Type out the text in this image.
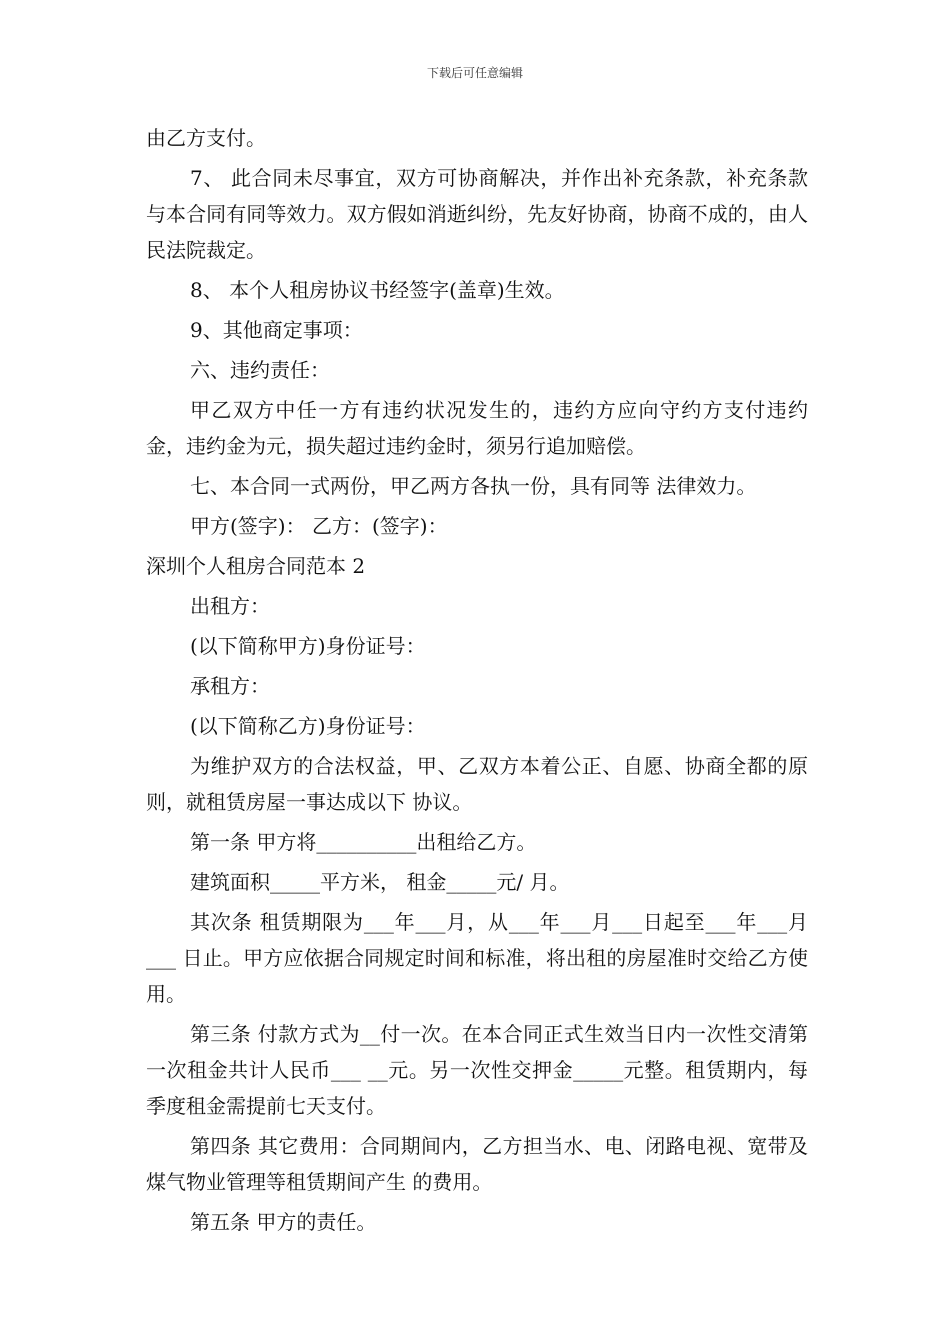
下载后可任意编辑

由乙方支付。

7、 此合同未尽事宜，双方可协商解决，并作出补充条款，补充条款与本合同有同等效力。双方假如消逝纠纷，先友好协商，协商不成的，由人民法院裁定。

8、 本个人租房协议书经签字(盖章)生效。

9、其他商定事项：

六、违约责任：

甲乙双方中任一方有违约状况发生的，违约方应向守约方支付违约金，违约金为元，损失超过违约金时，须另行追加赔偿。

七、本合同一式两份，甲乙两方各执一份，具有同等 法律效力。

甲方(签字)： 乙方：(签字)：

深圳个人租房合同范本 2

出租方：

(以下简称甲方)身份证号：

承租方：

(以下简称乙方)身份证号：

为维护双方的合法权益，甲、乙双方本着公正、自愿、协商全都的原则，就租赁房屋一事达成以下 协议。

第一条 甲方将__________出租给乙方。

建筑面积_____平方米， 租金_____元/ 月。

其次条 租赁期限为___年___月，从___年___月___日起至___年___月___ 日止。甲方应依据合同规定时间和标准，将出租的房屋准时交给乙方使用。

第三条 付款方式为__付一次。在本合同正式生效当日内一次性交清第一次租金共计人民币___ __元。另一次性交押金_____元整。租赁期内，每季度租金需提前七天支付。

第四条 其它费用：合同期间内，乙方担当水、电、闭路电视、宽带及煤气物业管理等租赁期间产生 的费用。

第五条 甲方的责任。
